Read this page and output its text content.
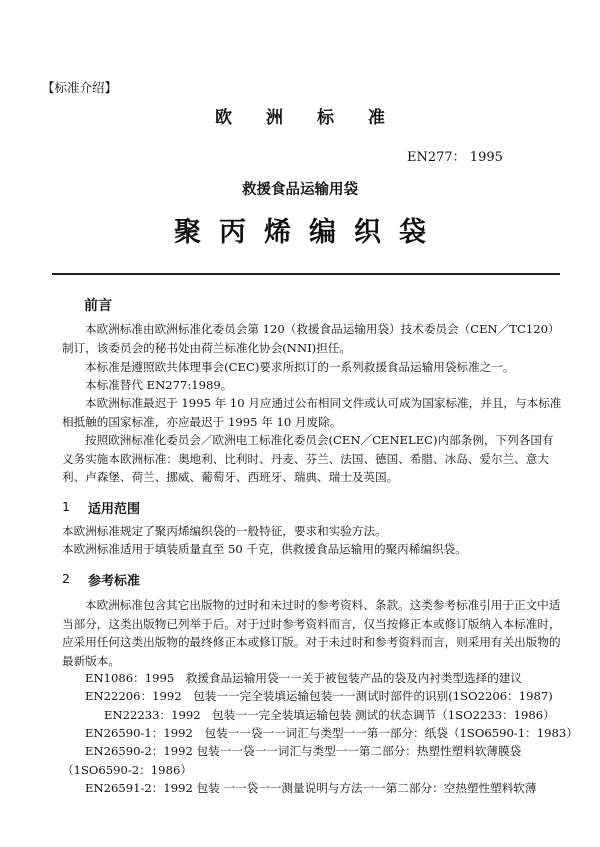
【标准介绍】
欧洲标准
EN277： 1995
救援食品运输用袋
聚丙烯编织袋
前言

本欧洲标准由欧洲标准化委员会第 120（救援食品运输用袋）技术委员会（CEN／TC120）制订，该委员会的秘书处由荷兰标准化协会(NNI)担任。

本标准是遵照欧共体理事会(CEC)要求所拟订的一系列救援食品运输用袋标准之一。

本标准替代 EN277:1989。

本欧洲标准最迟于 1995 年 10 月应通过公布相同文件或认可成为国家标准，并且，与本标准相抵触的国家标准，亦应最迟于 1995 年 10 月废除。

按照欧洲标准化委员会／欧洲电工标准化委员会(CEN／CENELEC)内部条例，下列各国有义务实施本欧洲标准：奥地利、比利时、丹麦、芬兰、法国、德国、希腊、冰岛、爱尔兰、意大利、卢森堡、荷兰、挪威、葡萄牙、西班牙、瑞典、瑞士及英国。

1 适用范围
本欧洲标准规定了聚丙烯编织袋的一般特征，要求和实验方法。
本欧洲标准适用于填装质量直至 50 千克，供救援食品运输用的聚丙稀编织袋。
2 参考标准

本欧洲标准包含其它出版物的过时和未过时的参考资料、条款。这类参考标准引用于正文中适当部分，这类出版物已列举于后。对于过时参考资料而言，仅当按修正本或修订版纳入本标准时，应采用任何这类出版物的最终修正本或修订版。对于未过时和参考资料而言，则采用有关出版物的最新版本。

EN1086：1995　救援食品运输用袋一一关于被包装产品的袋及内衬类型选择的建议
EN22206：1992　包装一一完全装填运输包装一一测试时部件的识别(1SO2206：1987)
EN22233：1992　包装一一完全装填运输包装 测试的状态调节（1SO2233：1986）
EN26590-1：1992　包装一一袋一一词汇与类型一一第一部分：纸袋（1SO6590-1：1983）

EN26590-2：1992 包装一一袋一一词汇与类型一一第二部分：热塑性塑料软薄膜袋（1SO6590-2：1986）

EN26591-2：1992 包装 一一袋一一测量说明与方法一一第二部分：空热塑性塑料软薄
